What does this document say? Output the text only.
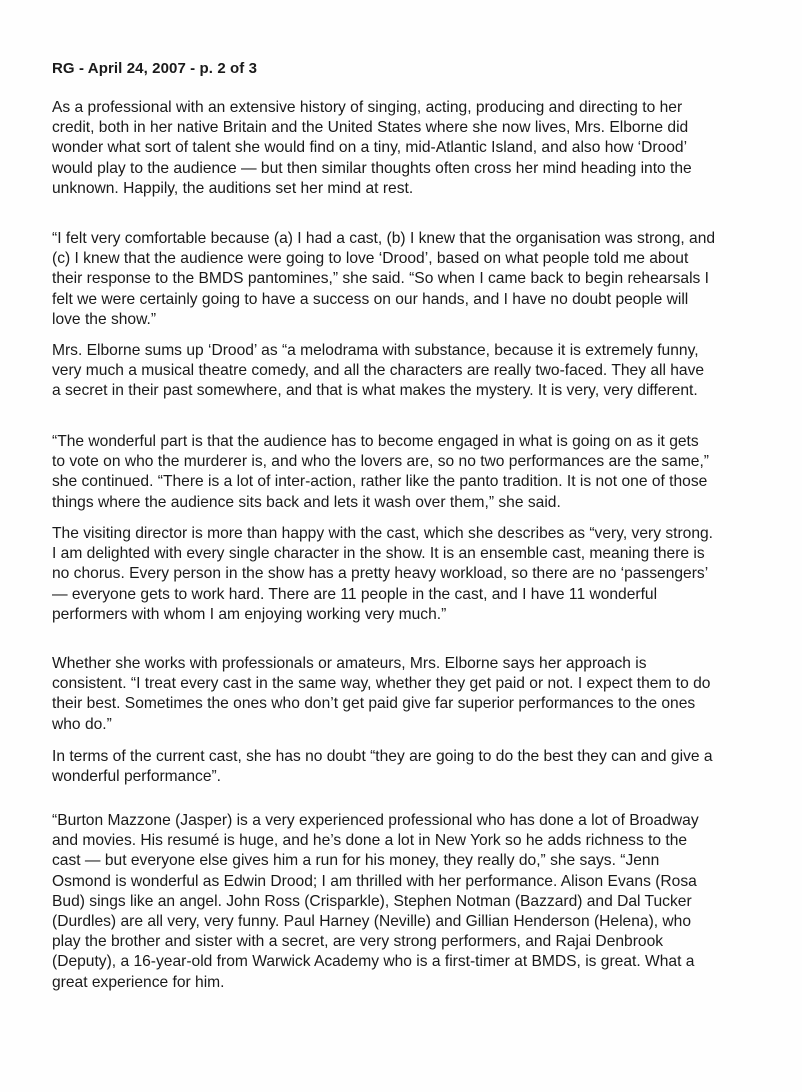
RG - April 24, 2007 - p. 2 of 3
As a professional with an extensive history of singing, acting, producing and directing to her
credit, both in her native Britain and the United States where she now lives, Mrs. Elborne did
wonder what sort of talent she would find on a tiny, mid-Atlantic Island, and also how ‘Drood’
would play to the audience — but then similar thoughts often cross her mind heading into the
unknown. Happily, the auditions set her mind at rest.
“I felt very comfortable because (a) I had a cast, (b) I knew that the organisation was strong, and
(c) I knew that the audience were going to love ‘Drood’, based on what people told me about
their response to the BMDS pantomines,” she said. “So when I came back to begin rehearsals I
felt we were certainly going to have a success on our hands, and I have no doubt people will
love the show.”
Mrs. Elborne sums up ‘Drood’ as “a melodrama with substance, because it is extremely funny,
very much a musical theatre comedy, and all the characters are really two-faced. They all have
a secret in their past somewhere, and that is what makes the mystery. It is very, very different.
“The wonderful part is that the audience has to become engaged in what is going on as it gets
to vote on who the murderer is, and who the lovers are, so no two performances are the same,”
she continued. “There is a lot of inter-action, rather like the panto tradition. It is not one of those
things where the audience sits back and lets it wash over them,” she said.
The visiting director is more than happy with the cast, which she describes as “very, very strong.
I am delighted with every single character in the show. It is an ensemble cast, meaning there is
no chorus. Every person in the show has a pretty heavy workload, so there are no ‘passengers’
— everyone gets to work hard. There are 11 people in the cast, and I have 11 wonderful
performers with whom I am enjoying working very much.”
Whether she works with professionals or amateurs, Mrs. Elborne says her approach is
consistent. “I treat every cast in the same way, whether they get paid or not. I expect them to do
their best. Sometimes the ones who don’t get paid give far superior performances to the ones
who do.”
In terms of the current cast, she has no doubt “they are going to do the best they can and give a
wonderful performance”.
“Burton Mazzone (Jasper) is a very experienced professional who has done a lot of Broadway
and movies. His resumé is huge, and he’s done a lot in New York so he adds richness to the
cast — but everyone else gives him a run for his money, they really do,” she says. “Jenn
Osmond is wonderful as Edwin Drood; I am thrilled with her performance. Alison Evans (Rosa
Bud) sings like an angel. John Ross (Crisparkle), Stephen Notman (Bazzard) and Dal Tucker
(Durdles) are all very, very funny. Paul Harney (Neville) and Gillian Henderson (Helena), who
play the brother and sister with a secret, are very strong performers, and Rajai Denbrook
(Deputy), a 16-year-old from Warwick Academy who is a first-timer at BMDS, is great. What a
great experience for him.
